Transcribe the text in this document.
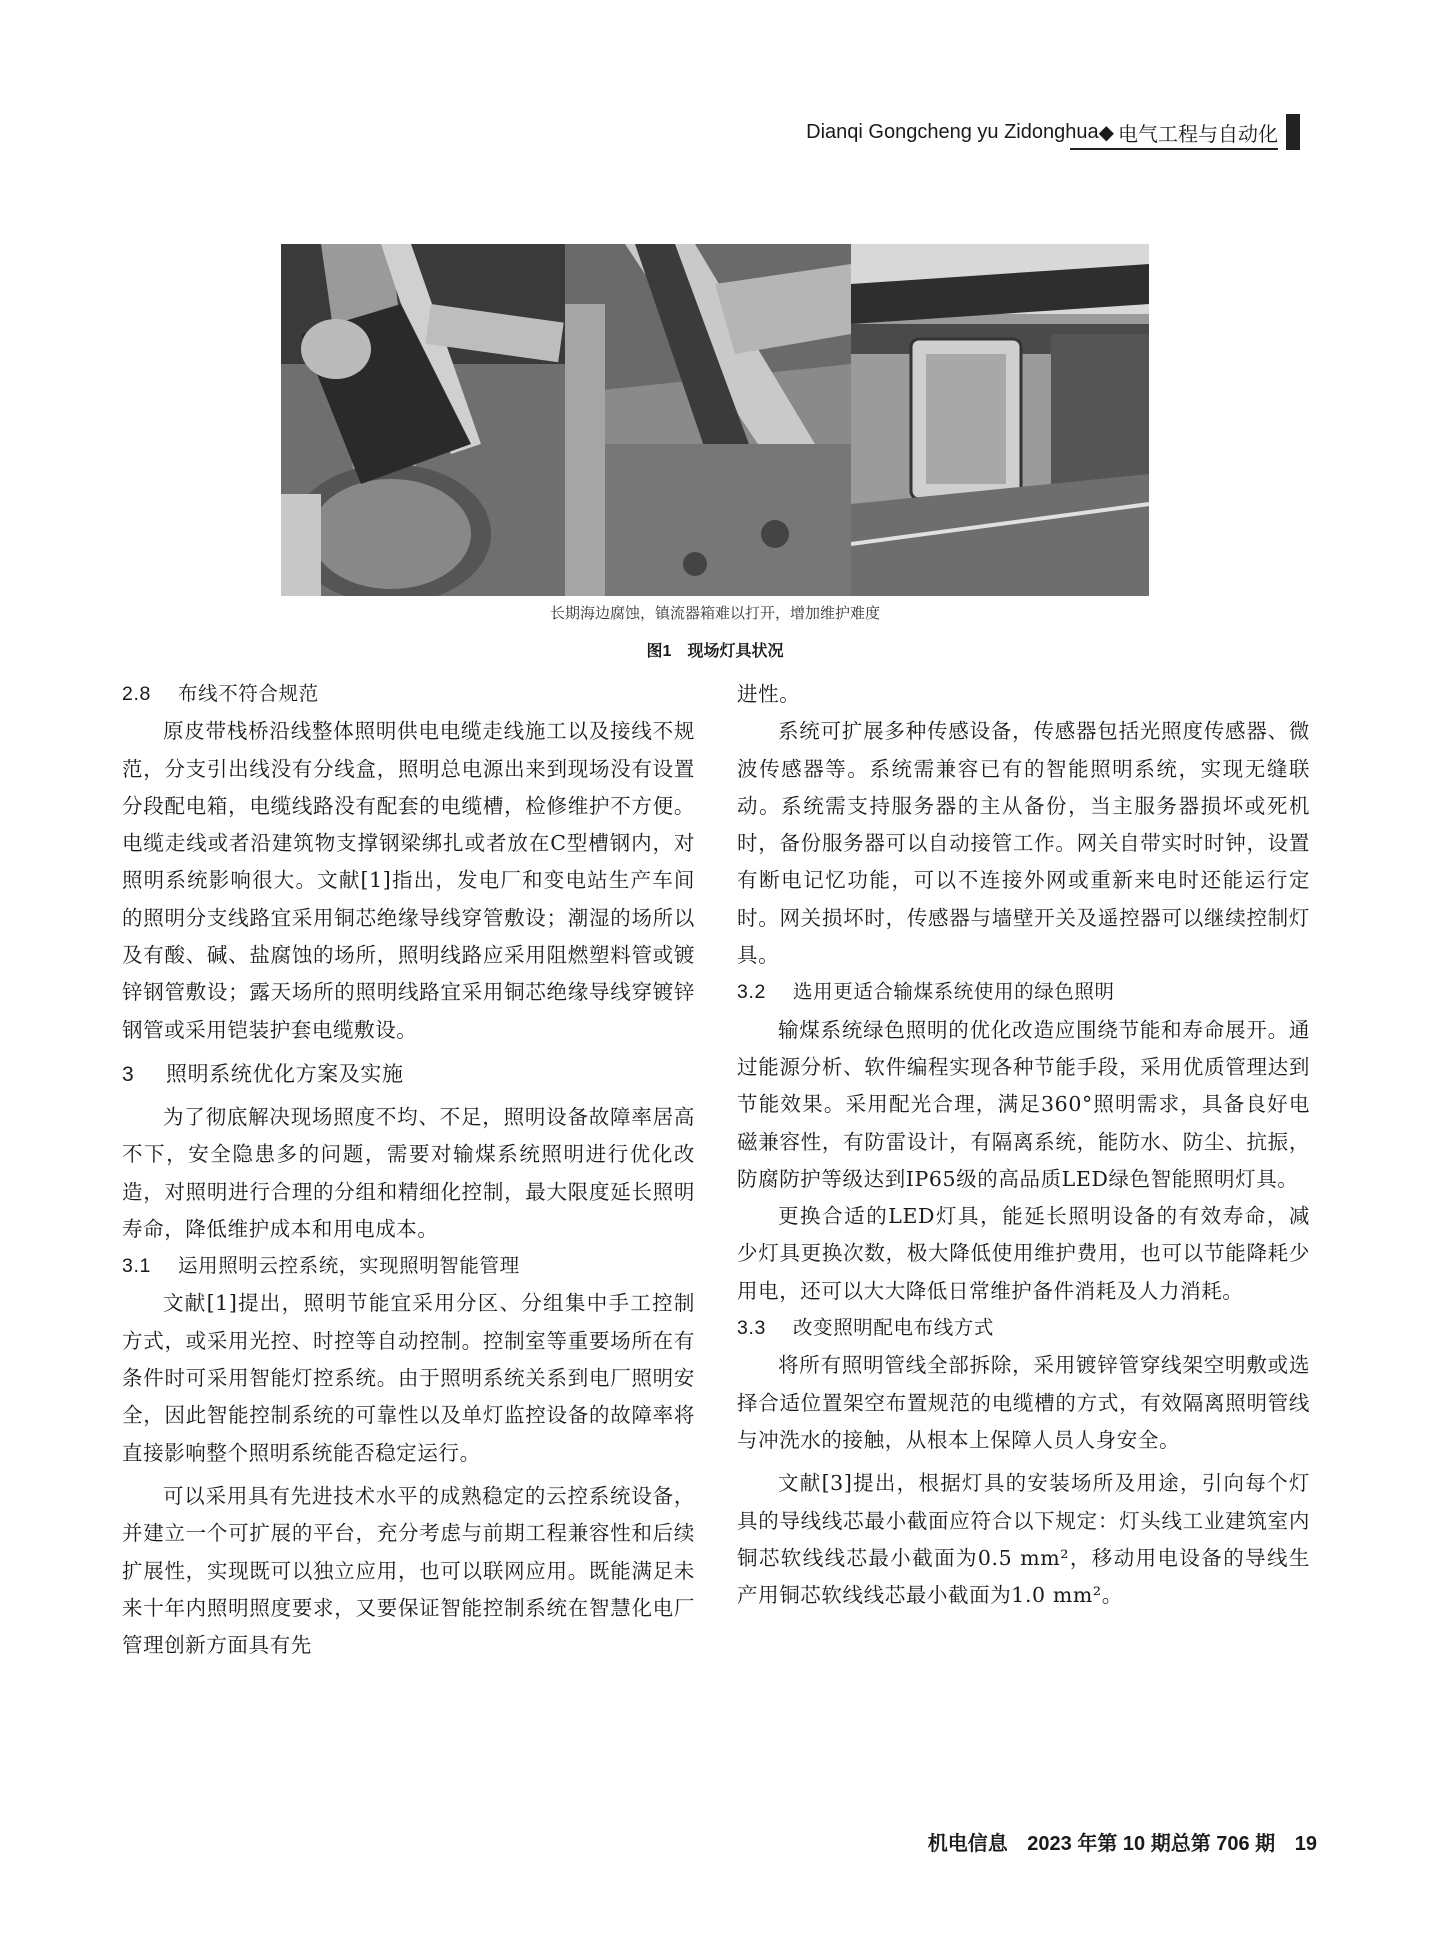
Dianqi Gongcheng yu Zidonghua ◆ 电气工程与自动化
长期海边腐蚀，镇流器箱难以打开，增加维护难度
图1　现场灯具状况
2.8 布线不符合规范

原皮带栈桥沿线整体照明供电电缆走线施工以及接线不规范，分支引出线没有分线盒，照明总电源出来到现场没有设置分段配电箱，电缆线路没有配套的电缆槽，检修维护不方便。电缆走线或者沿建筑物支撑钢梁绑扎或者放在C型槽钢内，对照明系统影响很大。文献[1]指出，发电厂和变电站生产车间的照明分支线路宜采用铜芯绝缘导线穿管敷设；潮湿的场所以及有酸、碱、盐腐蚀的场所，照明线路应采用阻燃塑料管或镀锌钢管敷设；露天场所的照明线路宜采用铜芯绝缘导线穿镀锌钢管或采用铠装护套电缆敷设。

3 照明系统优化方案及实施

为了彻底解决现场照度不均、不足，照明设备故障率居高不下，安全隐患多的问题，需要对输煤系统照明进行优化改造，对照明进行合理的分组和精细化控制，最大限度延长照明寿命，降低维护成本和用电成本。

3.1 运用照明云控系统，实现照明智能管理

文献[1]提出，照明节能宜采用分区、分组集中手工控制方式，或采用光控、时控等自动控制。控制室等重要场所在有条件时可采用智能灯控系统。由于照明系统关系到电厂照明安全，因此智能控制系统的可靠性以及单灯监控设备的故障率将直接影响整个照明系统能否稳定运行。

可以采用具有先进技术水平的成熟稳定的云控系统设备，并建立一个可扩展的平台，充分考虑与前期工程兼容性和后续扩展性，实现既可以独立应用，也可以联网应用。既能满足未来十年内照明照度要求，又要保证智能控制系统在智慧化电厂管理创新方面具有先

进性。

系统可扩展多种传感设备，传感器包括光照度传感器、微波传感器等。系统需兼容已有的智能照明系统，实现无缝联动。系统需支持服务器的主从备份，当主服务器损坏或死机时，备份服务器可以自动接管工作。网关自带实时时钟，设置有断电记忆功能，可以不连接外网或重新来电时还能运行定时。网关损坏时，传感器与墙壁开关及遥控器可以继续控制灯具。

3.2 选用更适合输煤系统使用的绿色照明

输煤系统绿色照明的优化改造应围绕节能和寿命展开。通过能源分析、软件编程实现各种节能手段，采用优质管理达到节能效果。采用配光合理，满足360°照明需求，具备良好电磁兼容性，有防雷设计，有隔离系统，能防水、防尘、抗振，防腐防护等级达到IP65级的高品质LED绿色智能照明灯具。

更换合适的LED灯具，能延长照明设备的有效寿命，减少灯具更换次数，极大降低使用维护费用，也可以节能降耗少用电，还可以大大降低日常维护备件消耗及人力消耗。

3.3 改变照明配电布线方式

将所有照明管线全部拆除，采用镀锌管穿线架空明敷或选择合适位置架空布置规范的电缆槽的方式，有效隔离照明管线与冲洗水的接触，从根本上保障人员人身安全。

文献[3]提出，根据灯具的安装场所及用途，引向每个灯具的导线线芯最小截面应符合以下规定：灯头线工业建筑室内铜芯软线线芯最小截面为0.5 mm²，移动用电设备的导线生产用铜芯软线线芯最小截面为1.0 mm²。

机电信息 2023 年第 10 期总第 706 期 19
